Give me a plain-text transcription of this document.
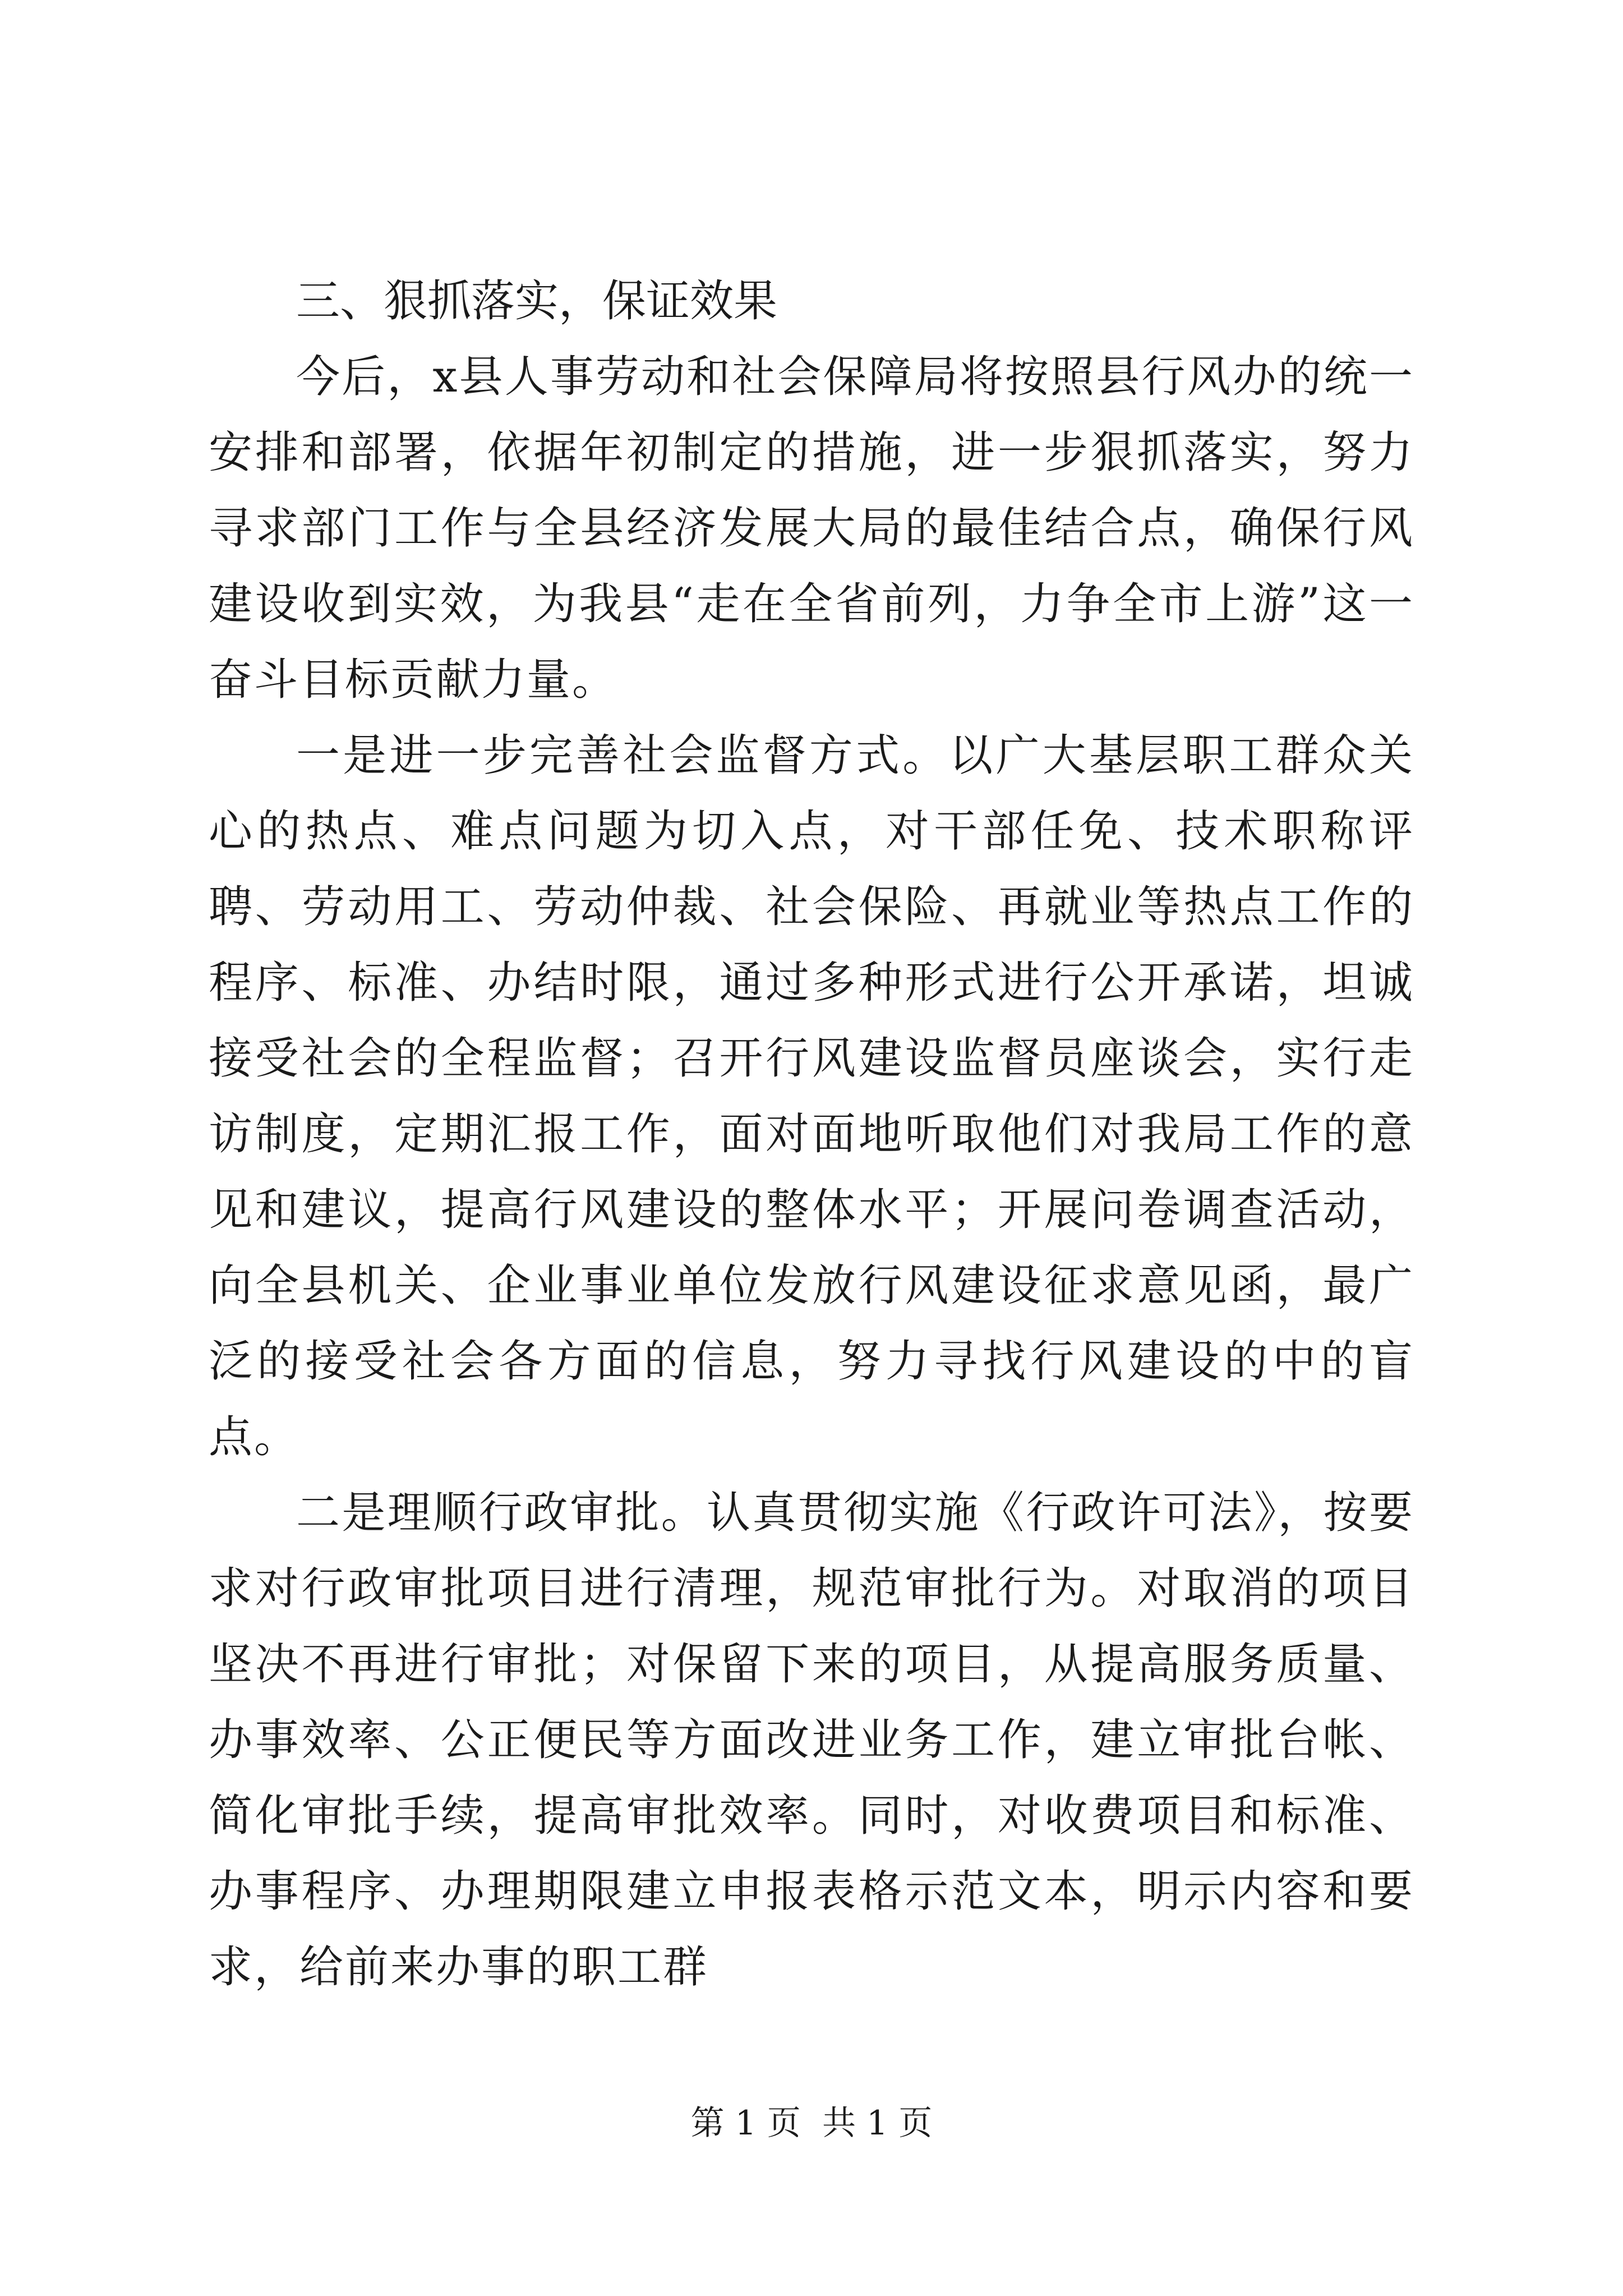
三、狠抓落实，保证效果

今后，x县人事劳动和社会保障局将按照县行风办的统一安排和部署，依据年初制定的措施，进一步狠抓落实，努力寻求部门工作与全县经济发展大局的最佳结合点，确保行风建设收到实效，为我县“走在全省前列，力争全市上游”这一奋斗目标贡献力量。

一是进一步完善社会监督方式。以广大基层职工群众关心的热点、难点问题为切入点，对干部任免、技术职称评聘、劳动用工、劳动仲裁、社会保险、再就业等热点工作的程序、标准、办结时限，通过多种形式进行公开承诺，坦诚接受社会的全程监督；召开行风建设监督员座谈会，实行走访制度，定期汇报工作，面对面地听取他们对我局工作的意见和建议，提高行风建设的整体水平；开展问卷调查活动，向全县机关、企业事业单位发放行风建设征求意见函，最广泛的接受社会各方面的信息，努力寻找行风建设的中的盲点。

二是理顺行政审批。认真贯彻实施《行政许可法》，按要求对行政审批项目进行清理，规范审批行为。对取消的项目坚决不再进行审批；对保留下来的项目，从提高服务质量、办事效率、公正便民等方面改进业务工作，建立审批台帐、简化审批手续，提高审批效率。同时，对收费项目和标准、办事程序、办理期限建立申报表格示范文本，明示内容和要求，给前来办事的职工群

第 1 页  共 1 页
